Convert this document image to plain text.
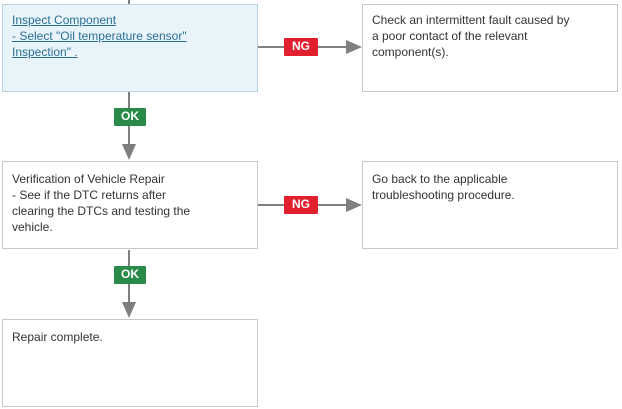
Inspect Component

- Select "Oil temperature sensor"

Inspection" .

Check an intermittent fault caused by

a poor contact of the relevant

component(s).

Verification of Vehicle Repair

- See if the DTC returns after

clearing the DTCs and testing the

vehicle.

Go back to the applicable

troubleshooting procedure.

Repair complete.

NG
OK
NG
OK
